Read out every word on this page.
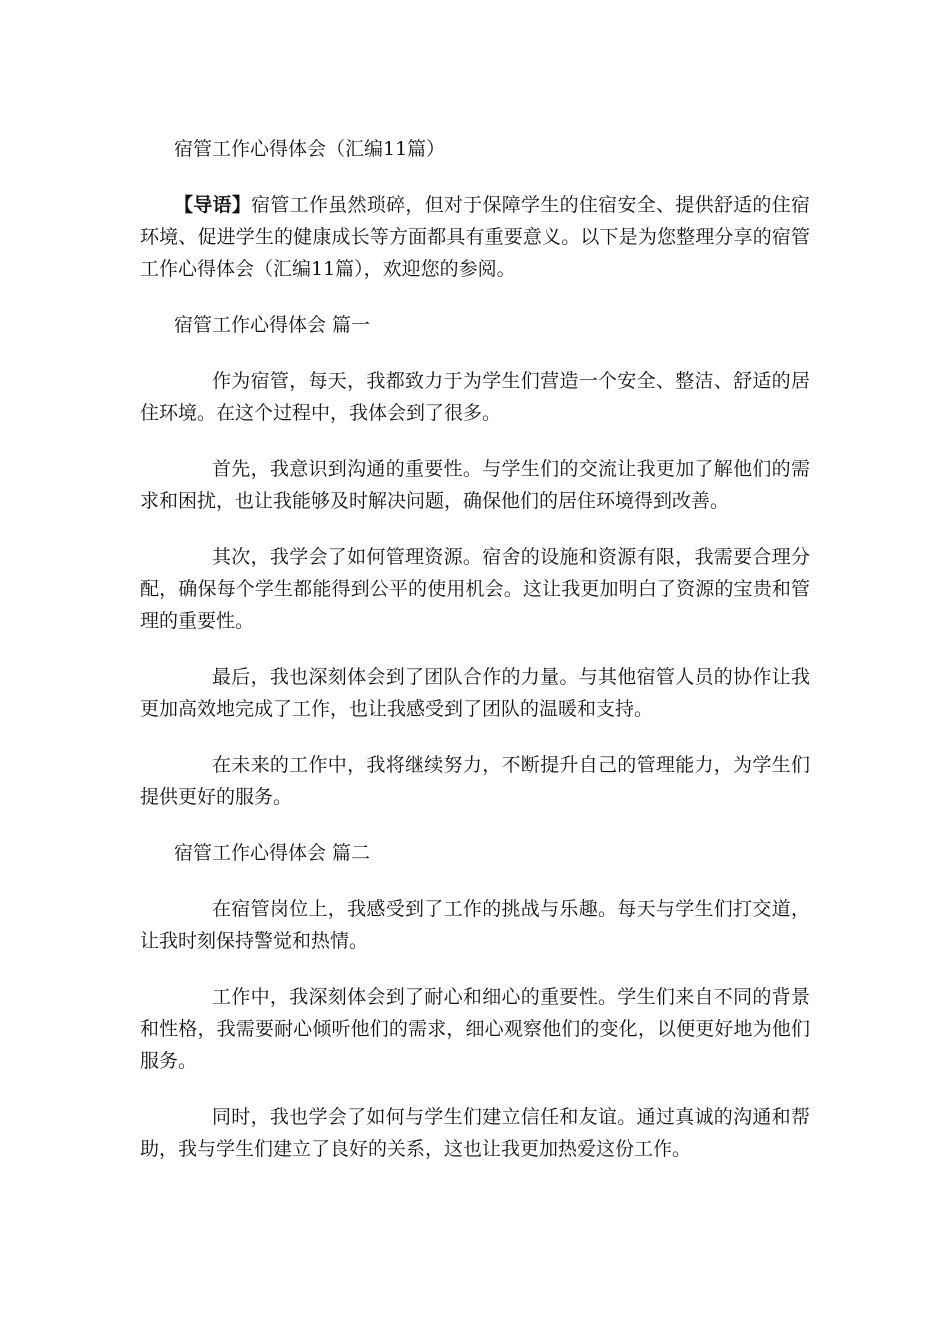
宿管工作心得体会（汇编11篇）

【导语】宿管工作虽然琐碎，但对于保障学生的住宿安全、提供舒适的住宿环境、促进学生的健康成长等方面都具有重要意义。以下是为您整理分享的宿管工作心得体会（汇编11篇），欢迎您的参阅。

宿管工作心得体会 篇一

作为宿管，每天，我都致力于为学生们营造一个安全、整洁、舒适的居住环境。在这个过程中，我体会到了很多。

首先，我意识到沟通的重要性。与学生们的交流让我更加了解他们的需求和困扰，也让我能够及时解决问题，确保他们的居住环境得到改善。

其次，我学会了如何管理资源。宿舍的设施和资源有限，我需要合理分配，确保每个学生都能得到公平的使用机会。这让我更加明白了资源的宝贵和管理的重要性。

最后，我也深刻体会到了团队合作的力量。与其他宿管人员的协作让我更加高效地完成了工作，也让我感受到了团队的温暖和支持。

在未来的工作中，我将继续努力，不断提升自己的管理能力，为学生们提供更好的服务。

宿管工作心得体会 篇二

在宿管岗位上，我感受到了工作的挑战与乐趣。每天与学生们打交道，让我时刻保持警觉和热情。

工作中，我深刻体会到了耐心和细心的重要性。学生们来自不同的背景和性格，我需要耐心倾听他们的需求，细心观察他们的变化，以便更好地为他们服务。

同时，我也学会了如何与学生们建立信任和友谊。通过真诚的沟通和帮助，我与学生们建立了良好的关系，这也让我更加热爱这份工作。
